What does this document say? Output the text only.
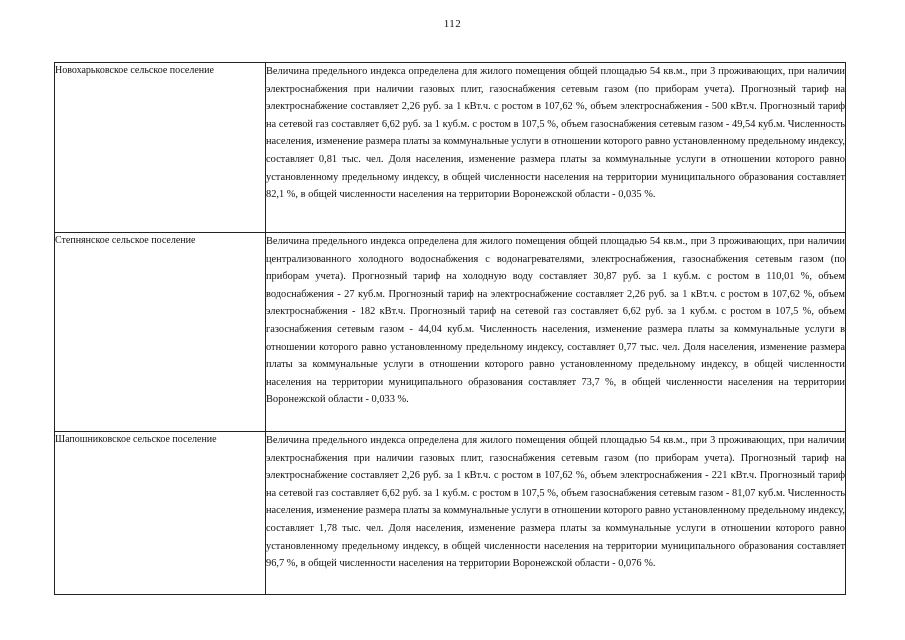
112
Новохарьковское сельское поселение	Величина предельного индекса определена для жилого помещения общей площадью 54 кв.м., при 3 проживающих, при наличии электроснабжения при наличии газовых плит, газоснабжения сетевым газом (по приборам учета). Прогнозный тариф на электроснабжение составляет 2,26 руб. за 1 кВт.ч. с ростом в 107,62 %, объем электроснабжения - 500 кВт.ч. Прогнозный тариф на сетевой газ составляет 6,62 руб. за 1 куб.м. с ростом в 107,5 %, объем газоснабжения сетевым газом - 49,54 куб.м. Численность населения, изменение размера платы за коммунальные услуги в отношении которого равно установленному предельному индексу, составляет 0,81 тыс. чел. Доля населения, изменение размера платы за коммунальные услуги в отношении которого равно установленному предельному индексу, в общей численности населения на территории муниципального образования составляет 82,1 %, в общей численности населения на территории Воронежской области - 0,035 %.
Степнянское сельское поселение	Величина предельного индекса определена для жилого помещения общей площадью 54 кв.м., при 3 проживающих, при наличии централизованного холодного водоснабжения с водонагревателями, электроснабжения, газоснабжения сетевым газом (по приборам учета). Прогнозный тариф на холодную воду составляет 30,87 руб. за 1 куб.м. с ростом в 110,01 %, объем водоснабжения - 27 куб.м. Прогнозный тариф на электроснабжение составляет 2,26 руб. за 1 кВт.ч. с ростом в 107,62 %, объем электроснабжения - 182 кВт.ч. Прогнозный тариф на сетевой газ составляет 6,62 руб. за 1 куб.м. с ростом в 107,5 %, объем газоснабжения сетевым газом - 44,04 куб.м. Численность населения, изменение размера платы за коммунальные услуги в отношении которого равно установленному предельному индексу, составляет 0,77 тыс. чел. Доля населения, изменение размера платы за коммунальные услуги в отношении которого равно установленному предельному индексу, в общей численности населения на территории муниципального образования составляет 73,7 %, в общей численности населения на территории Воронежской области - 0,033 %.
Шапошниковское сельское поселение	Величина предельного индекса определена для жилого помещения общей площадью 54 кв.м., при 3 проживающих, при наличии электроснабжения при наличии газовых плит, газоснабжения сетевым газом (по приборам учета). Прогнозный тариф на электроснабжение составляет 2,26 руб. за 1 кВт.ч. с ростом в 107,62 %, объем электроснабжения - 221 кВт.ч. Прогнозный тариф на сетевой газ составляет 6,62 руб. за 1 куб.м. с ростом в 107,5 %, объем газоснабжения сетевым газом - 81,07 куб.м. Численность населения, изменение размера платы за коммунальные услуги в отношении которого равно установленному предельному индексу, составляет 1,78 тыс. чел. Доля населения, изменение размера платы за коммунальные услуги в отношении которого равно установленному предельному индексу, в общей численности населения на территории муниципального образования составляет 96,7 %, в общей численности населения на территории Воронежской области - 0,076 %.
